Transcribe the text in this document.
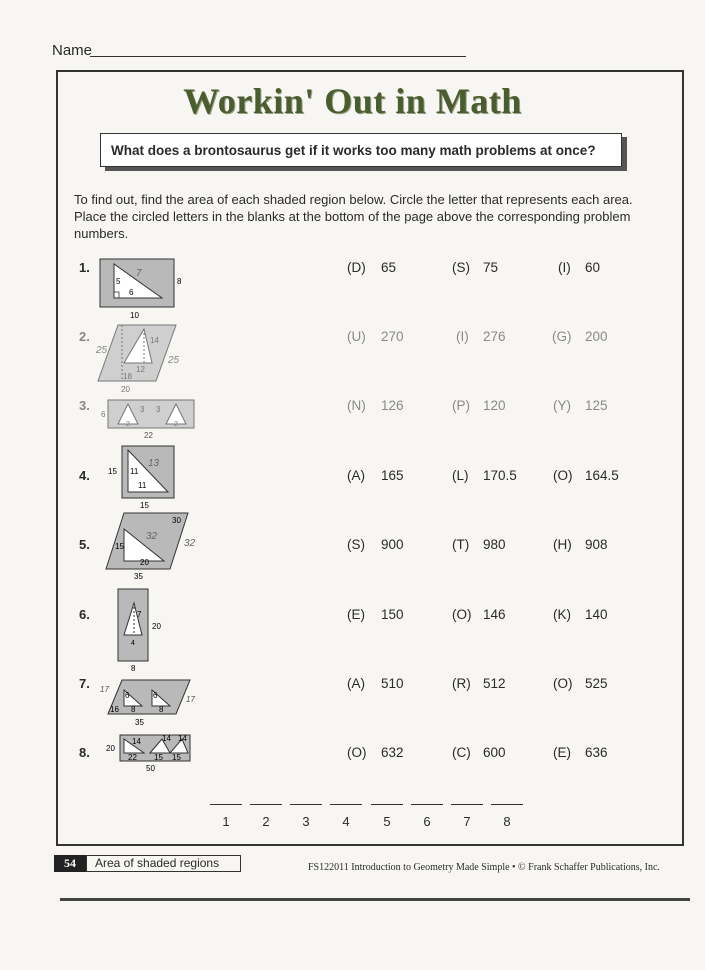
Name
Workin' Out in Math
What does a brontosaurus get if it works too many math problems at once?
To find out, find the area of each shaded region below. Circle the letter that represents each area. Place the circled letters in the blanks at the bottom of the page above the corresponding problem numbers.
1.
5
6
8
10
7	(D) 65	(S) 75	(I) 60
2.	14
12
18
20
25
25
(U) 270	(I) 276	(G) 200
3.
6
3 3
2	2
22
(N) 126	(P) 120	(Y) 125
4. 15 11
11
15
13
(A) 165	(L) 170.5	(O) 164.5
5.
30
15
20
35
32
32	(S) 900	(T) 980	(H) 908
6.	7
20
4
8
(E) 150	(O) 146	(K) 140
7. 17
6	6
16 8	8
35
17
(A) 510	(R) 512	(O) 525
8. 20
14	14 14
22 15 15
50
(O) 632	(C) 600	(E) 636
1	2	3	4	5	6	7	8
54	Area of shaded regions	FS122011 Introduction to Geometry Made Simple • © Frank Schaffer Publications, Inc.
